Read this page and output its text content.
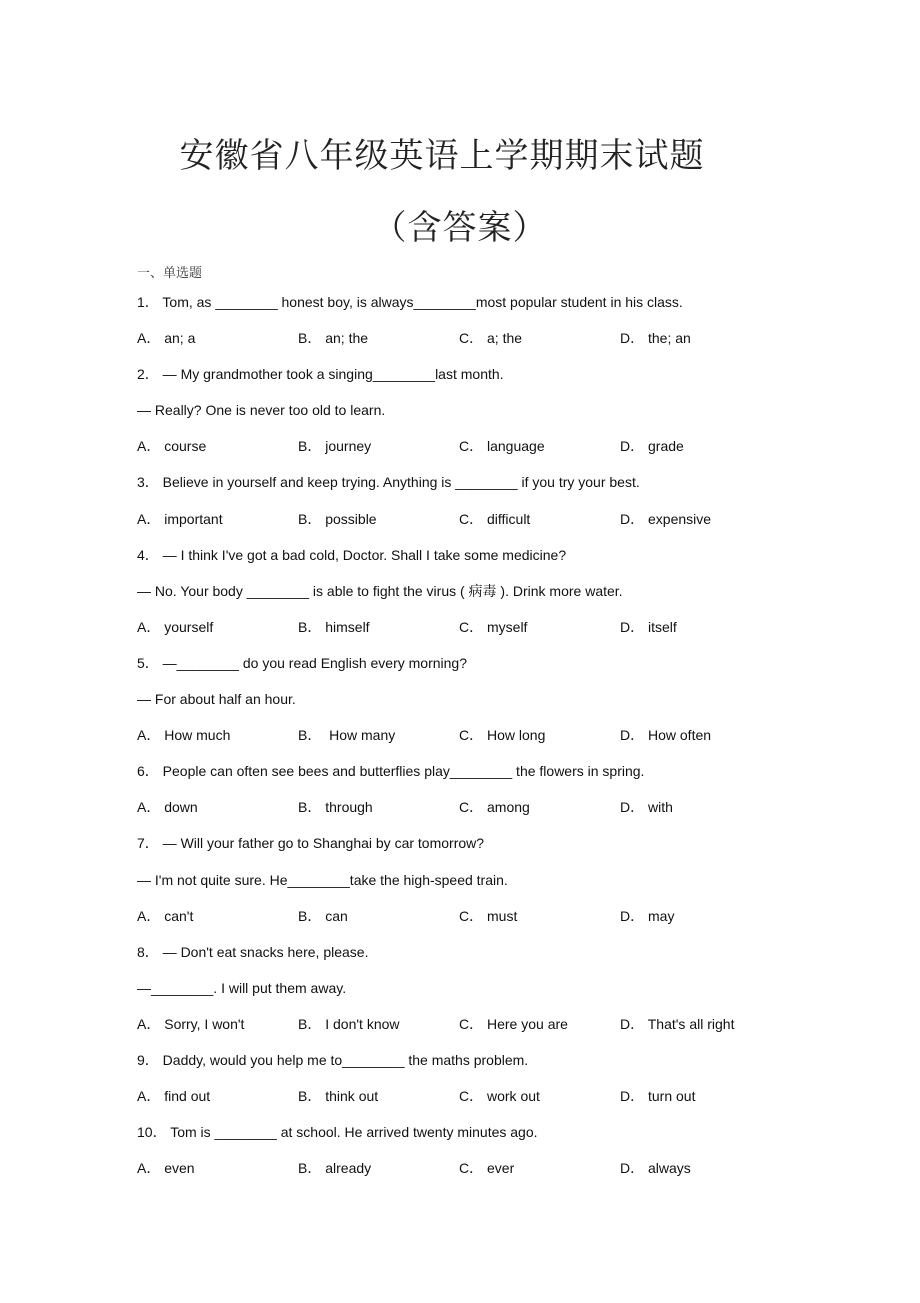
安徽省八年级英语上学期期末试题
（含答案）
一、单选题
1． Tom, as ________ honest boy, is always________most popular student in his class.
A． an; a	B． an; the	C． a; the	D． the; an
2． — My grandmother took a singing________last month.
— Really? One is never too old to learn.
A． course	B． journey	C． language	D． grade
3． Believe in yourself and keep trying. Anything is ________ if you try your best.
A． important	B． possible	C． difficult	D． expensive
4． — I think I've got a bad cold, Doctor. Shall I take some medicine?
— No. Your body ________ is able to fight the virus ( 病毒 ). Drink more water.
A． yourself	B． himself	C． myself	D． itself
5． —________ do you read English every morning?
— For about half an hour.
A． How much	B．  How many	C． How long	D． How often
6． People can often see bees and butterflies play________ the flowers in spring.
A． down	B． through	C． among	D． with
7． — Will your father go to Shanghai by car tomorrow?
— I'm not quite sure. He________take the high-speed train.
A． can't	B． can	C． must	D． may
8． — Don't eat snacks here, please.
—________. I will put them away.
A． Sorry, I won't	B． I don't know	C． Here you are	D． That's all right
9． Daddy, would you help me to________ the maths problem.
A． find out	B． think out	C． work out	D． turn out
10． Tom is ________ at school. He arrived twenty minutes ago.
A． even	B． already	C． ever	D． always
